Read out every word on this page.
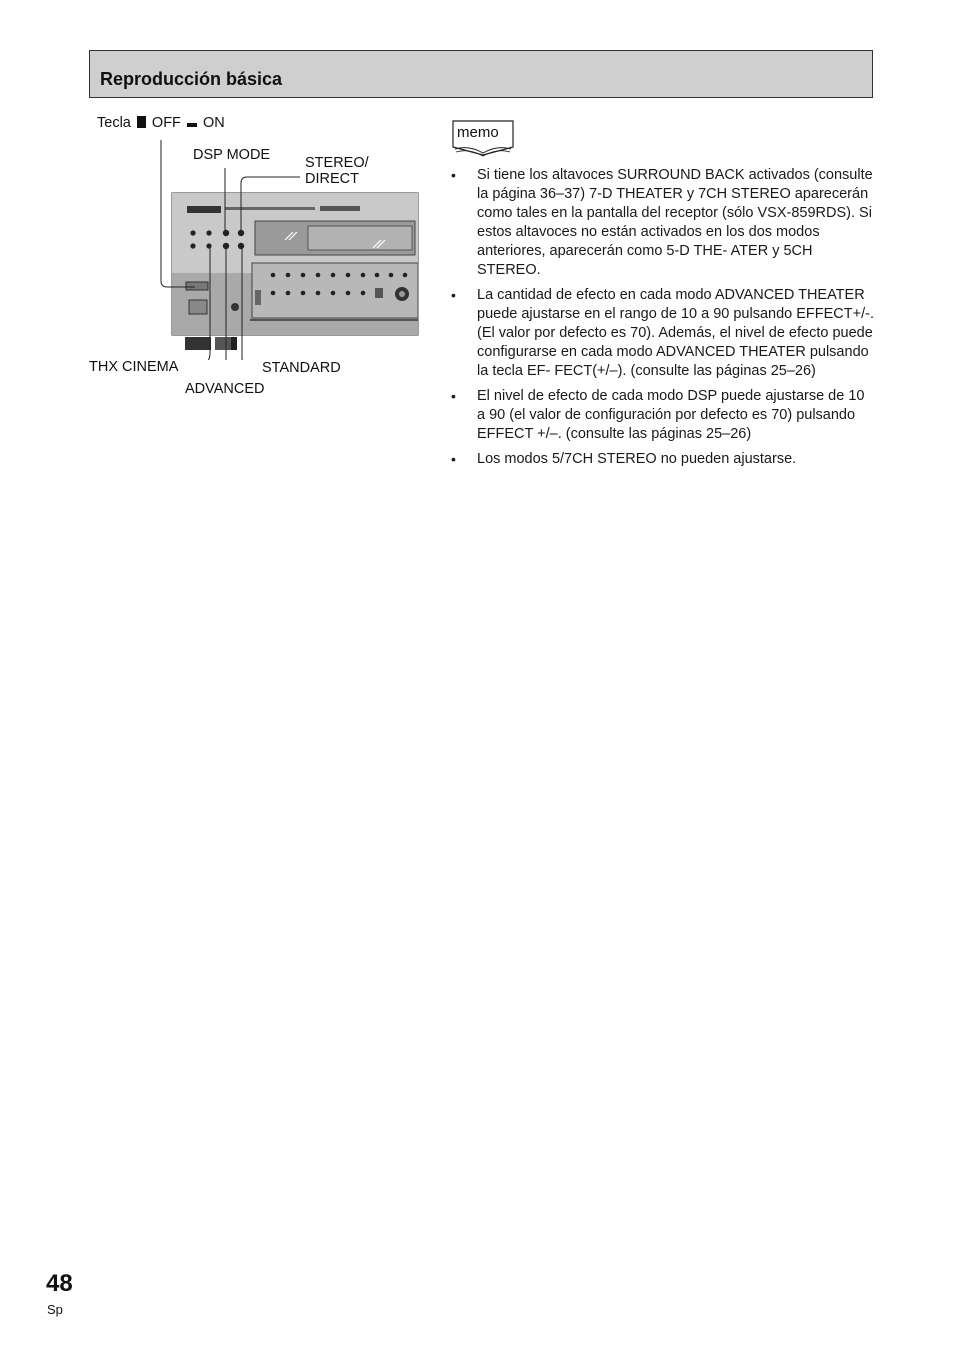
Reproducción básica
Tecla OFF ON
DSP MODE STEREO/
DIRECT
THX CINEMA
ADVANCED
STANDARD
memo
• Si tiene los altavoces SURROUND BACK activados (consulte la página 36–37) 7-D THEATER y 7CH STEREO aparecerán como tales en la pantalla del receptor (sólo VSX-859RDS). Si estos altavoces no están activados en los dos modos anteriores, aparecerán como 5-D THE- ATER y 5CH STEREO.
• La cantidad de efecto en cada modo ADVANCED THEATER puede ajustarse en el rango de 10 a 90 pulsando EFFECT+/-. (El valor por defecto es 70). Además, el nivel de efecto puede configurarse en cada modo ADVANCED THEATER pulsando la tecla EF- FECT(+/–). (consulte las páginas 25–26)
• El nivel de efecto de cada modo DSP puede ajustarse de 10 a 90 (el valor de configuración por defecto es 70) pulsando EFFECT +/–. (consulte las páginas 25–26)
• Los modos 5/7CH STEREO no pueden ajustarse.
48
Sp
